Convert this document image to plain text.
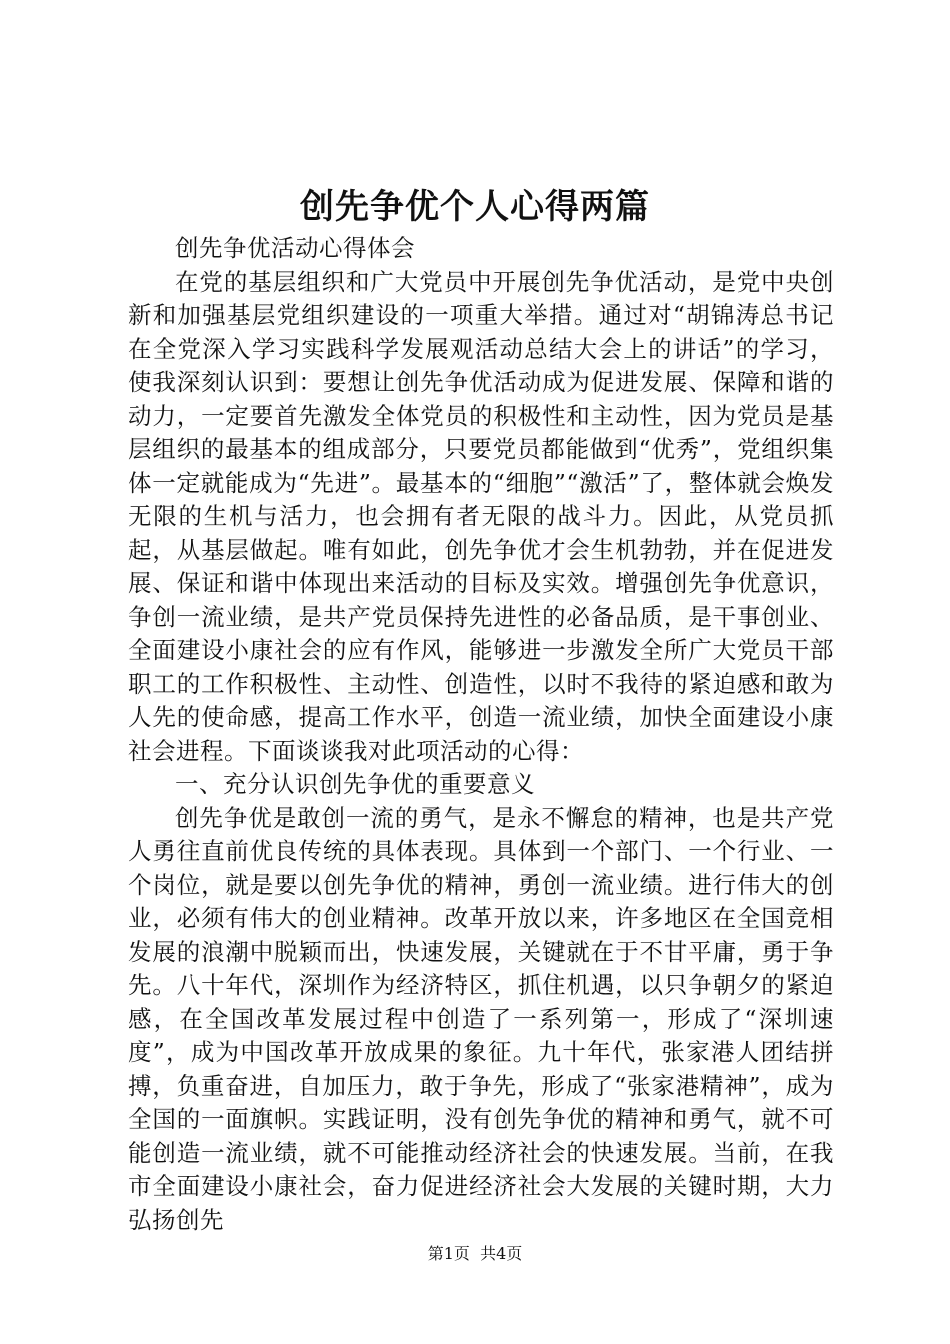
创先争优个人心得两篇

创先争优活动心得体会

在党的基层组织和广大党员中开展创先争优活动，是党中央创新和加强基层党组织建设的一项重大举措。通过对“胡锦涛总书记在全党深入学习实践科学发展观活动总结大会上的讲话”的学习，使我深刻认识到：要想让创先争优活动成为促进发展、保障和谐的动力，一定要首先激发全体党员的积极性和主动性，因为党员是基层组织的最基本的组成部分，只要党员都能做到“优秀”，党组织集体一定就能成为“先进”。最基本的“细胞”“激活”了，整体就会焕发无限的生机与活力，也会拥有者无限的战斗力。因此，从党员抓起，从基层做起。唯有如此，创先争优才会生机勃勃，并在促进发展、保证和谐中体现出来活动的目标及实效。增强创先争优意识，争创一流业绩，是共产党员保持先进性的必备品质，是干事创业、全面建设小康社会的应有作风，能够进一步激发全所广大党员干部职工的工作积极性、主动性、创造性，以时不我待的紧迫感和敢为人先的使命感，提高工作水平，创造一流业绩，加快全面建设小康社会进程。下面谈谈我对此项活动的心得：

一、充分认识创先争优的重要意义

创先争优是敢创一流的勇气，是永不懈怠的精神，也是共产党人勇往直前优良传统的具体表现。具体到一个部门、一个行业、一个岗位，就是要以创先争优的精神，勇创一流业绩。进行伟大的创业，必须有伟大的创业精神。改革开放以来，许多地区在全国竞相发展的浪潮中脱颖而出，快速发展，关键就在于不甘平庸，勇于争先。八十年代，深圳作为经济特区，抓住机遇，以只争朝夕的紧迫感，在全国改革发展过程中创造了一系列第一，形成了“深圳速度”，成为中国改革开放成果的象征。九十年代，张家港人团结拼搏，负重奋进，自加压力，敢于争先，形成了“张家港精神”，成为全国的一面旗帜。实践证明，没有创先争优的精神和勇气，就不可能创造一流业绩，就不可能推动经济社会的快速发展。当前，在我市全面建设小康社会，奋力促进经济社会大发展的关键时期，大力弘扬创先

第1页 共4页
